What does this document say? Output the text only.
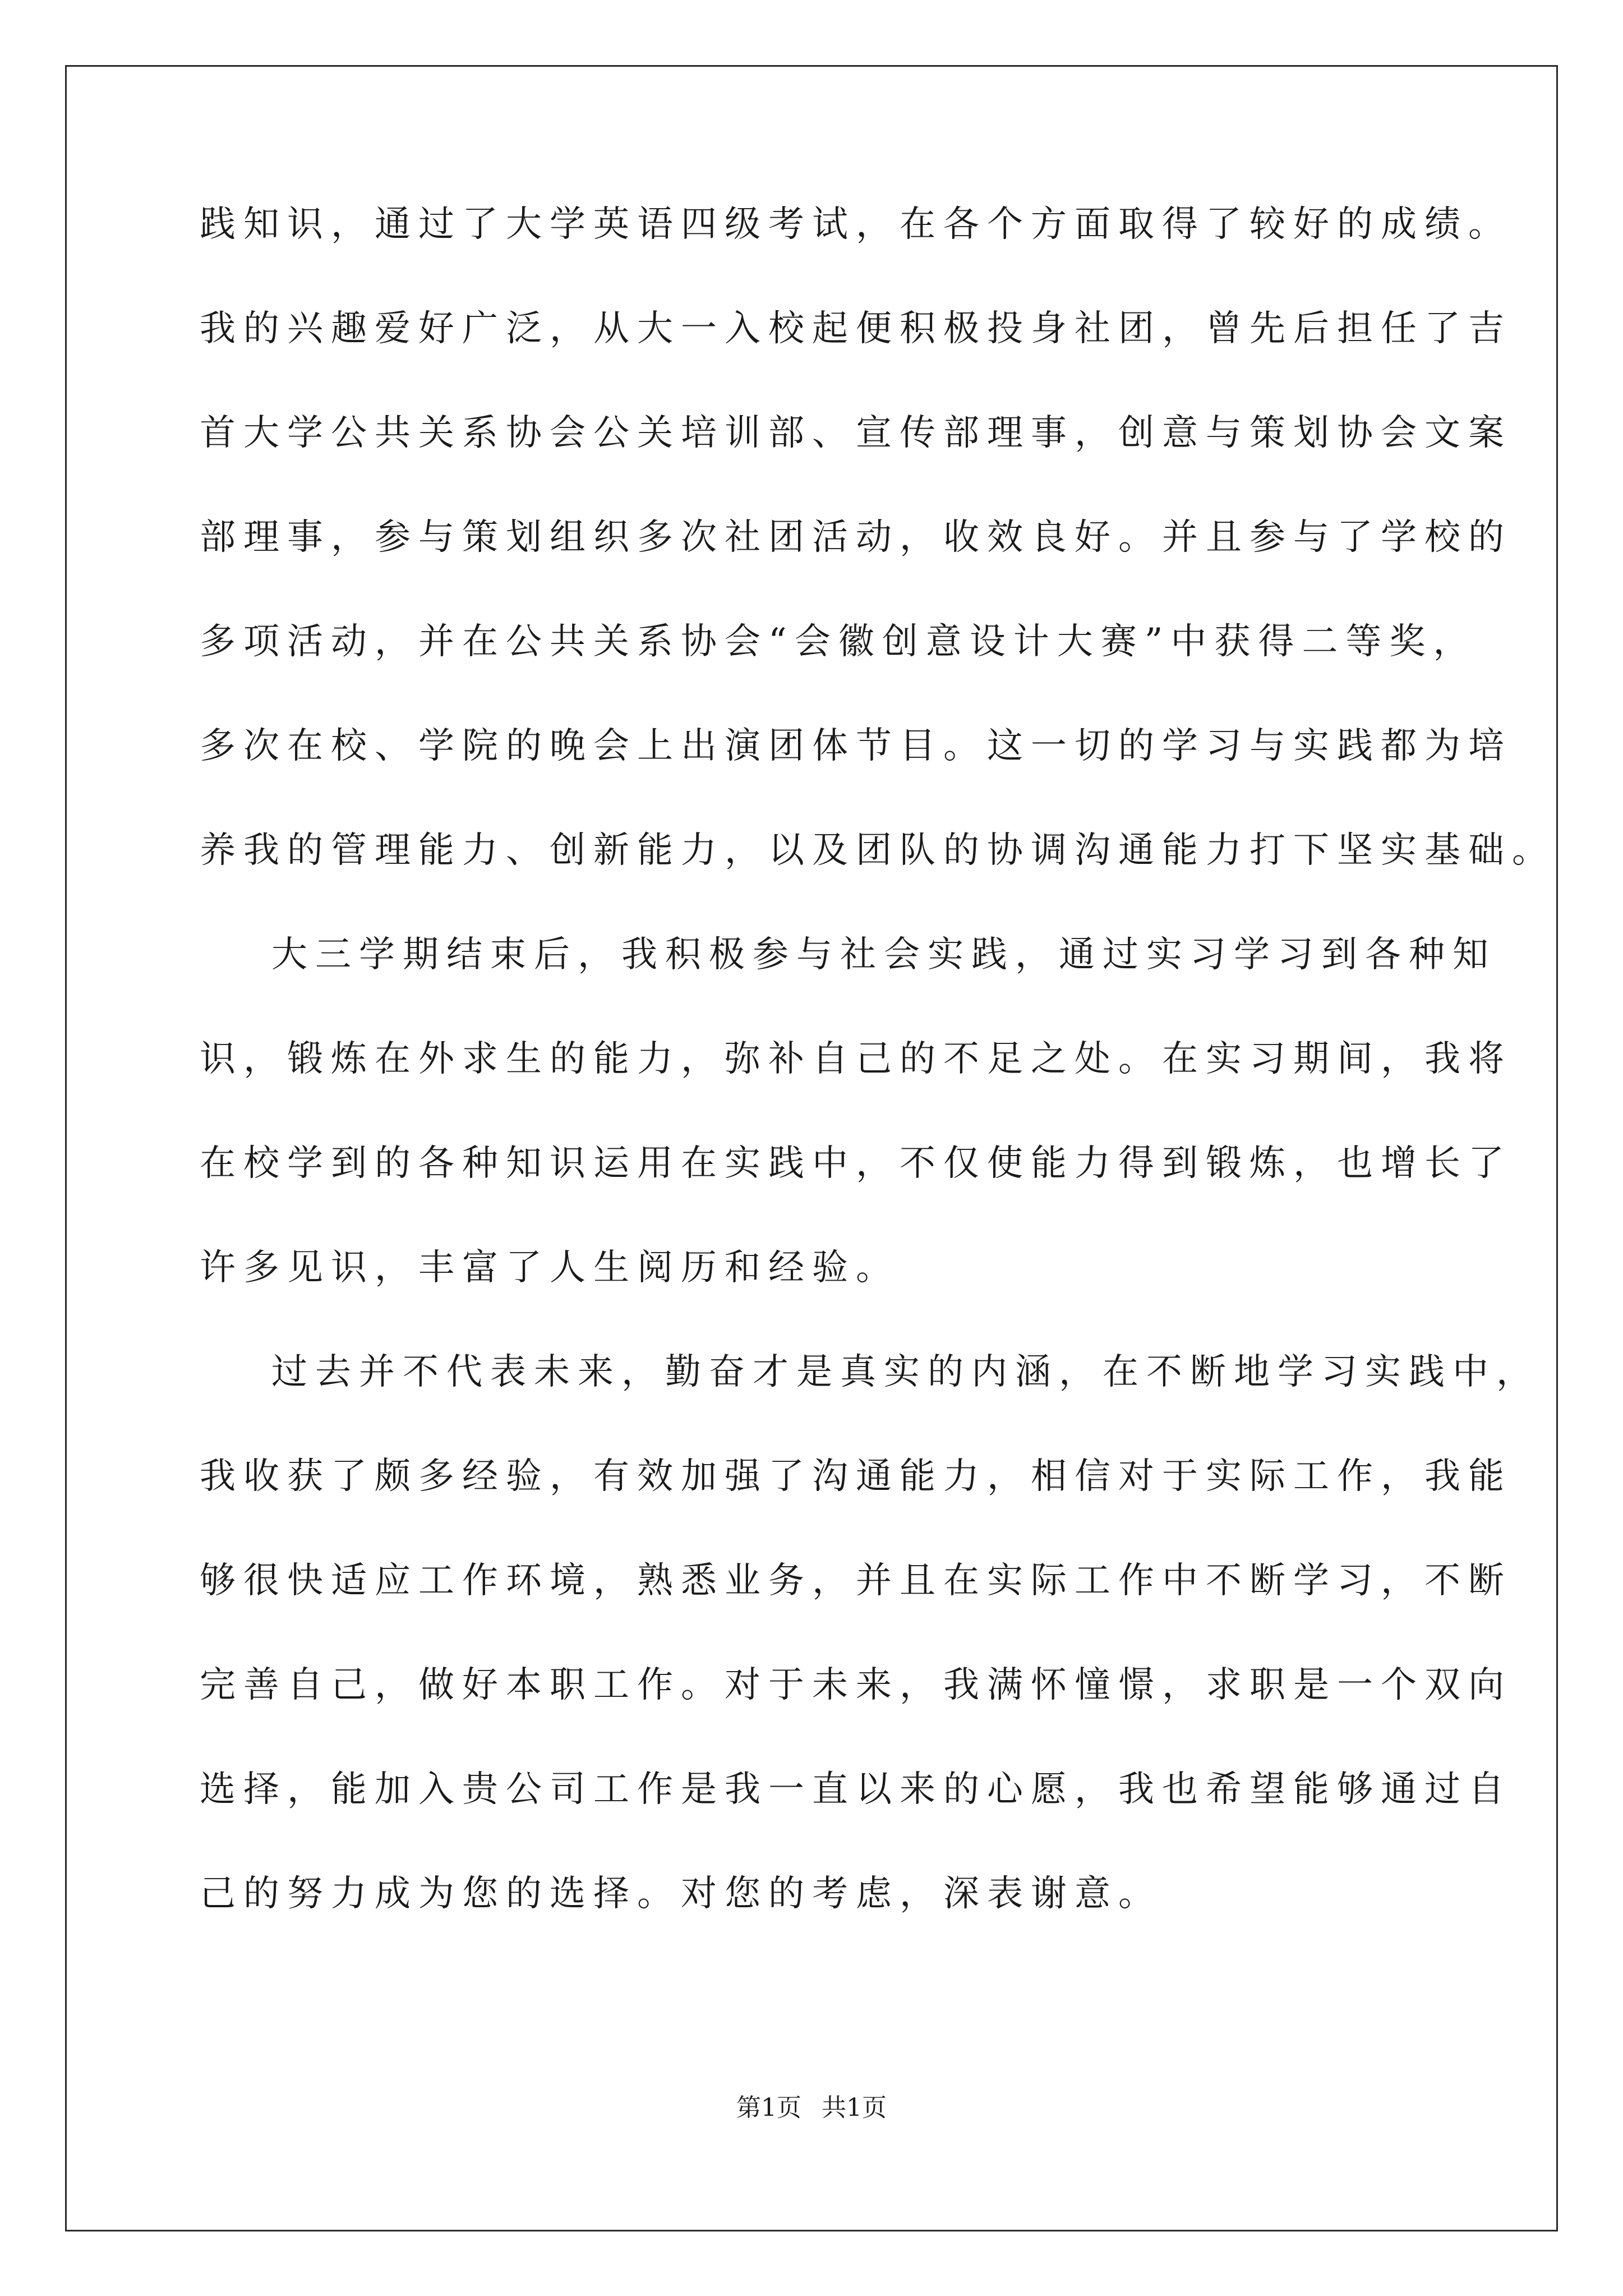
践知识，通过了大学英语四级考试，在各个方面取得了较好的成绩。
我的兴趣爱好广泛，从大一入校起便积极投身社团，曾先后担任了吉
首大学公共关系协会公关培训部、宣传部理事，创意与策划协会文案
部理事，参与策划组织多次社团活动，收效良好。并且参与了学校的
多项活动，并在公共关系协会“会徽创意设计大赛”中获得二等奖，
多次在校、学院的晚会上出演团体节目。这一切的学习与实践都为培
养我的管理能力、创新能力，以及团队的协调沟通能力打下坚实基础。
大三学期结束后，我积极参与社会实践，通过实习学习到各种知
识，锻炼在外求生的能力，弥补自己的不足之处。在实习期间，我将
在校学到的各种知识运用在实践中，不仅使能力得到锻炼，也增长了
许多见识，丰富了人生阅历和经验。
过去并不代表未来，勤奋才是真实的内涵，在不断地学习实践中，
我收获了颇多经验，有效加强了沟通能力，相信对于实际工作，我能
够很快适应工作环境，熟悉业务，并且在实际工作中不断学习，不断
完善自己，做好本职工作。对于未来，我满怀憧憬，求职是一个双向
选择，能加入贵公司工作是我一直以来的心愿，我也希望能够通过自
己的努力成为您的选择。对您的考虑，深表谢意。
第1页 共1页
